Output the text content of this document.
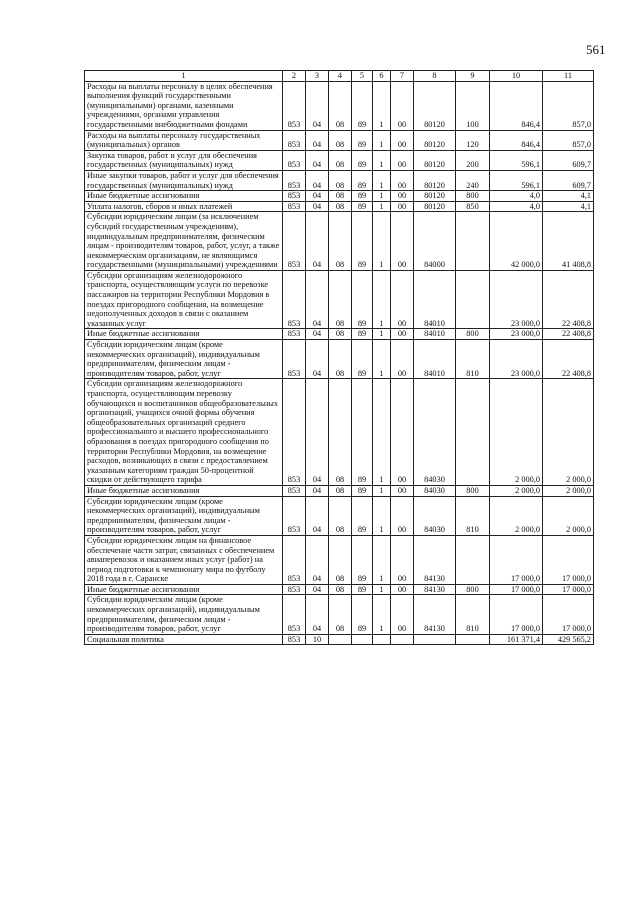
561
1	2	3	4	5	6	7	8	9	10	11
Расходы на выплаты персоналу в целях обеспечения выполнения функций государственными (муниципальными) органами, казенными учреждениями, органами управления государственными внебюджетными фондами	853	04	08	89	1	00	80120	100	846,4	857,0
Расходы на выплаты персоналу государственных (муниципальных) органов	853	04	08	89	1	00	80120	120	846,4	857,0
Закупка товаров, работ и услуг для обеспечения государственных (муниципальных) нужд	853	04	08	89	1	00	80120	200	596,1	609,7
Иные закупки товаров, работ и услуг для обеспечения государственных (муниципальных) нужд	853	04	08	89	1	00	80120	240	596,1	609,7
Иные бюджетные ассигнования	853	04	08	89	1	00	80120	800	4,0	4,1
Уплата налогов, сборов и иных платежей	853	04	08	89	1	00	80120	850	4,0	4,1
Субсидии юридическим лицам (за исключением субсидий государственным учреждениям), индивидуальным предпринимателям, физическим лицам - производителям товаров, работ, услуг, а также некоммерческим организациям, не являющимся государственными (муниципальными) учреждениями	853	04	08	89	1	00	84000		42 000,0	41 408,8
Субсидии организациям железнодорожного транспорта, осуществляющим услуги по перевозке пассажиров на территории Республики Мордовия в поездах пригородного сообщения, на возмещение недополученных доходов в связи с оказанием указанных услуг	853	04	08	89	1	00	84010		23 000,0	22 408,8
Иные бюджетные ассигнования	853	04	08	89	1	00	84010	800	23 000,0	22 408,8
Субсидии юридическим лицам (кроме некоммерческих организаций), индивидуальным предпринимателям, физическим лицам - производителям товаров, работ, услуг	853	04	08	89	1	00	84010	810	23 000,0	22 408,8
Субсидии организациям железнодорожного транспорта, осуществляющим перевозку обучающихся и воспитанников общеобразовательных организаций, учащихся очной формы обучения общеобразовательных организаций среднего профессионального и высшего профессионального образования в поездах пригородного сообщения по территории Республики Мордовия, на возмещение расходов, возникающих в связи с предоставлением указанным категориям граждан 50-процентной скидки от действующего тарифа	853	04	08	89	1	00	84030		2 000,0	2 000,0
Иные бюджетные ассигнования	853	04	08	89	1	00	84030	800	2 000,0	2 000,0
Субсидии юридическим лицам (кроме некоммерческих организаций), индивидуальным предпринимателям, физическим лицам - производителям товаров, работ, услуг	853	04	08	89	1	00	84030	810	2 000,0	2 000,0
Субсидии юридическим лицам на финансовое обеспечение части затрат, связанных с обеспечением авиаперевозок и оказанием иных услуг (работ) на период подготовки к чемпионату мира по футболу 2018 года в г. Саранске	853	04	08	89	1	00	84130		17 000,0	17 000,0
Иные бюджетные ассигнования	853	04	08	89	1	00	84130	800	17 000,0	17 000,0
Субсидии юридическим лицам (кроме некоммерческих организаций), индивидуальным предпринимателям, физическим лицам - производителям товаров, работ, услуг	853	04	08	89	1	00	84130	810	17 000,0	17 000,0
Социальная политика	853	10							161 371,4	429 565,2
